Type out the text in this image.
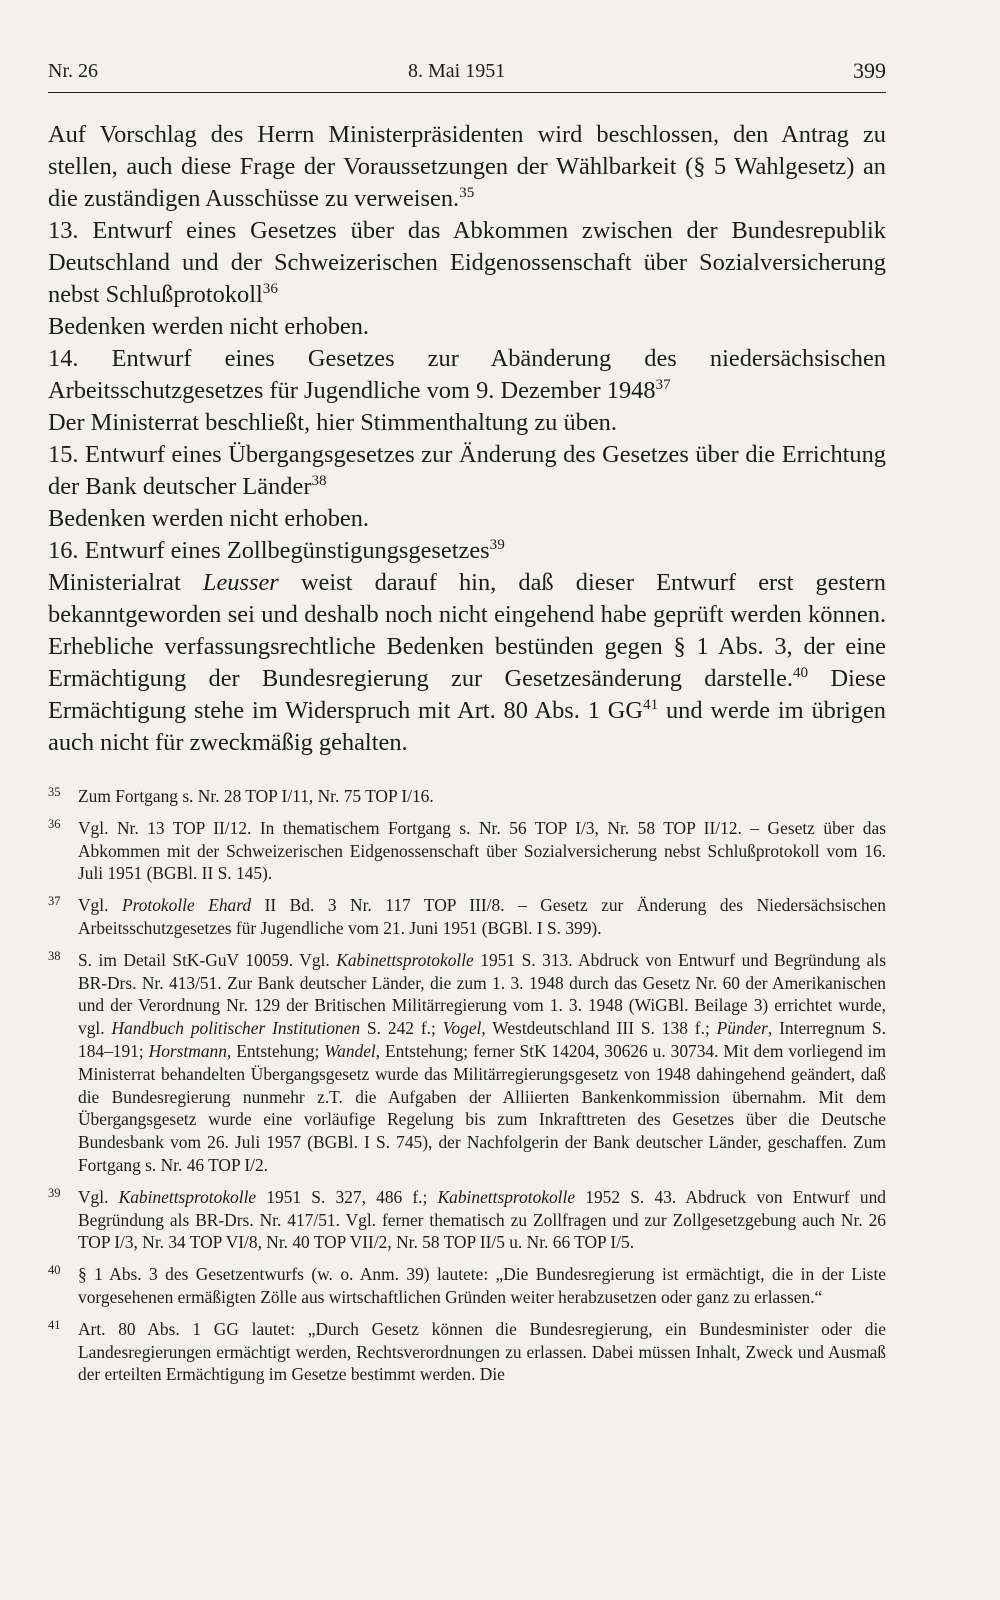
Nr. 26	8. Mai 1951	399

Auf Vorschlag des Herrn Ministerpräsidenten wird beschlossen, den Antrag zu stellen, auch diese Frage der Voraussetzungen der Wählbarkeit (§ 5 Wahlgesetz) an die zuständigen Ausschüsse zu verweisen.$^{35}$

13. Entwurf eines Gesetzes über das Abkommen zwischen der Bundesrepublik Deutschland und der Schweizerischen Eidgenossenschaft über Sozialversicherung nebst Schlußprotokoll$^{36}$

Bedenken werden nicht erhoben.

14. Entwurf eines Gesetzes zur Abänderung des niedersächsischen Arbeitsschutzgesetzes für Jugendliche vom 9. Dezember 1948$^{37}$

Der Ministerrat beschließt, hier Stimmenthaltung zu üben.

15. Entwurf eines Übergangsgesetzes zur Änderung des Gesetzes über die Errichtung der Bank deutscher Länder$^{38}$

Bedenken werden nicht erhoben.

16. Entwurf eines Zollbegünstigungsgesetzes$^{39}$

Ministerialrat Leusser weist darauf hin, daß dieser Entwurf erst gestern bekanntgeworden sei und deshalb noch nicht eingehend habe geprüft werden können. Erhebliche verfassungsrechtliche Bedenken bestünden gegen § 1 Abs. 3, der eine Ermächtigung der Bundesregierung zur Gesetzesänderung darstelle.$^{40}$ Diese Ermächtigung stehe im Widerspruch mit Art. 80 Abs. 1 GG$^{41}$ und werde im übrigen auch nicht für zweckmäßig gehalten.

35 Zum Fortgang s. Nr. 28 TOP I/11, Nr. 75 TOP I/16.
36 Vgl. Nr. 13 TOP II/12. In thematischem Fortgang s. Nr. 56 TOP I/3, Nr. 58 TOP II/12. – Gesetz über das Abkommen mit der Schweizerischen Eidgenossenschaft über Sozialversicherung nebst Schlußprotokoll vom 16. Juli 1951 (BGBl. II S. 145).
37 Vgl. Protokolle Ehard II Bd. 3 Nr. 117 TOP III/8. – Gesetz zur Änderung des Niedersächsischen Arbeitsschutzgesetzes für Jugendliche vom 21. Juni 1951 (BGBl. I S. 399).
38 S. im Detail StK-GuV 10059. Vgl. Kabinettsprotokolle 1951 S. 313. Abdruck von Entwurf und Begründung als BR-Drs. Nr. 413/51. Zur Bank deutscher Länder, die zum 1. 3. 1948 durch das Gesetz Nr. 60 der Amerikanischen und der Verordnung Nr. 129 der Britischen Militärregierung vom 1. 3. 1948 (WiGBl. Beilage 3) errichtet wurde, vgl. Handbuch politischer Institutionen S. 242 f.; Vogel, Westdeutschland III S. 138 f.; Pünder, Interregnum S. 184–191; Horstmann, Entstehung; Wandel, Entstehung; ferner StK 14204, 30626 u. 30734. Mit dem vorliegend im Ministerrat behandelten Übergangsgesetz wurde das Militärregierungsgesetz von 1948 dahingehend geändert, daß die Bundesregierung nunmehr z.T. die Aufgaben der Alliierten Bankenkommission übernahm. Mit dem Übergangsgesetz wurde eine vorläufige Regelung bis zum Inkrafttreten des Gesetzes über die Deutsche Bundesbank vom 26. Juli 1957 (BGBl. I S. 745), der Nachfolgerin der Bank deutscher Länder, geschaffen. Zum Fortgang s. Nr. 46 TOP I/2.
39 Vgl. Kabinettsprotokolle 1951 S. 327, 486 f.; Kabinettsprotokolle 1952 S. 43. Abdruck von Entwurf und Begründung als BR-Drs. Nr. 417/51. Vgl. ferner thematisch zu Zollfragen und zur Zollgesetzgebung auch Nr. 26 TOP I/3, Nr. 34 TOP VI/8, Nr. 40 TOP VII/2, Nr. 58 TOP II/5 u. Nr. 66 TOP I/5.
40 § 1 Abs. 3 des Gesetzentwurfs (w. o. Anm. 39) lautete: „Die Bundesregierung ist ermächtigt, die in der Liste vorgesehenen ermäßigten Zölle aus wirtschaftlichen Gründen weiter herabzusetzen oder ganz zu erlassen.“
41 Art. 80 Abs. 1 GG lautet: „Durch Gesetz können die Bundesregierung, ein Bundesminister oder die Landesregierungen ermächtigt werden, Rechtsverordnungen zu erlassen. Dabei müssen Inhalt, Zweck und Ausmaß der erteilten Ermächtigung im Gesetze bestimmt werden. Die
